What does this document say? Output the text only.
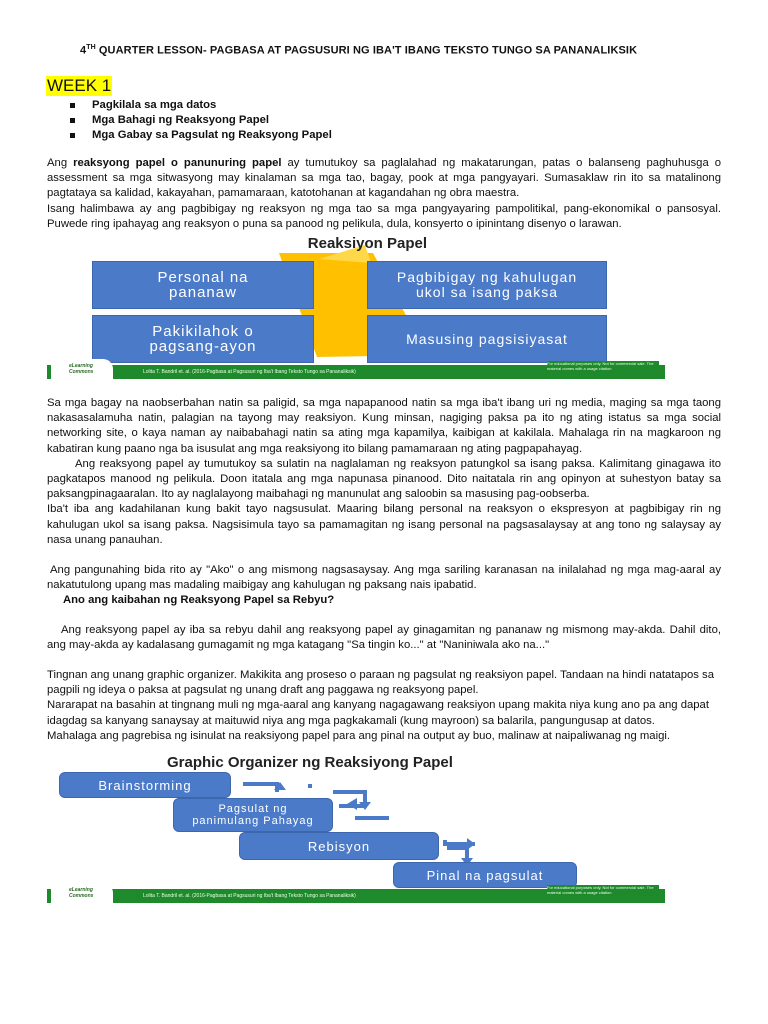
4TH QUARTER LESSON- PAGBASA AT PAGSUSURI NG IBA'T IBANG TEKSTO TUNGO SA PANANALIKSIK
WEEK 1
Pagkilala sa mga datos
Mga Bahagi ng Reaksyong Papel
Mga Gabay sa Pagsulat ng Reaksyong Papel

Ang reaksyong papel o panunuring papel ay tumutukoy sa paglalahad ng makatarungan, patas o balanseng paghuhusga o assessment sa mga sitwasyong may kinalaman sa mga tao, bagay, pook at mga pangyayari. Sumasaklaw rin ito sa matalinong pagtataya sa kalidad, kakayahan, pamamaraan, katotohanan at kagandahan ng obra maestra.

Isang halimbawa ay ang pagbibigay ng reaksyon ng mga tao sa mga pangyayaring pampolitikal, pang-ekonomikal o pansosyal. Puwede ring ipahayag ang reaksyon o puna sa panood ng pelikula, dula, konsyerto o ipinintang disenyo o larawan.

Reaksiyon Papel
Personal na pananaw
Pagbibigay ng kahulugan ukol sa isang paksa
Pakikilahok o pagsang-ayon	Masusing pagsisiyasat
eLearning Commons	Lolita T. Bandril et. al. (2016-Pagbasa at Pagsusuri ng Iba't Ibang Teksto Tungo sa Pananaliksik)
For educational purposes only. Not for commercial sale. The material comes with a usage citation

Sa mga bagay na naobserbahan natin sa paligid, sa mga napapanood natin sa mga iba't ibang uri ng media, maging sa mga taong nakasasalamuha natin, palagian na tayong may reaksiyon. Kung minsan, nagiging paksa pa ito ng ating istatus sa mga social networking site, o kaya naman ay naibabahagi natin sa ating mga kapamilya, kaibigan at kakilala. Mahalaga rin na magkaroon ng kabatiran kung paano nga ba isusulat ang mga reaksiyong ito bilang pamamaraan ng ating pagpapahayag.

Ang reaksyong papel ay tumutukoy sa sulatin na naglalaman ng reaksyon patungkol sa isang paksa. Kalimitang ginagawa ito pagkatapos manood ng pelikula. Doon itatala ang mga napunasa pinanood. Dito naitatala rin ang opinyon at suhestyon batay sa paksangpinagaaralan. Ito ay naglalayong maibahagi ng manunulat ang saloobin sa masusing pag-oobserba.

Iba't iba ang kadahilanan kung bakit tayo nagsusulat. Maaring bilang personal na reaksyon o ekspresyon at pagbibigay rin ng kahulugan ukol sa isang paksa. Nagsisimula tayo sa pamamagitan ng isang personal na pagsasalaysay at ang tono ng salaysay ay nasa unang panauhan.

Ang pangunahing bida rito ay "Ako" o ang mismong nagsasaysay. Ang mga sariling karanasan na inilalahad ng mga mag-aaral ay nakatutulong upang mas madaling maibigay ang kahulugan ng paksang nais ipabatid.

Ano ang kaibahan ng Reaksyong Papel sa Rebyu?

Ang reaksyong papel ay iba sa rebyu dahil ang reaksyong papel ay ginagamitan ng pananaw ng mismong may-akda. Dahil dito, ang may-akda ay kadalasang gumagamit ng mga katagang "Sa tingin ko..." at "Naniniwala ako na..."

Tingnan ang unang graphic organizer. Makikita ang proseso o paraan ng pagsulat ng reaksiyon papel. Tandaan na hindi natatapos sa pagpili ng ideya o paksa at pagsulat ng unang draft ang paggawa ng reaksyong papel.

Nararapat na basahin at tingnang muli ng mga-aaral ang kanyang nagagawang reaksiyon upang makita niya kung ano pa ang dapat idagdag sa kanyang sanaysay at maituwid niya ang mga pagkakamali (kung mayroon) sa balarila, pangungusap at datos.

Mahalaga ang pagrebisa ng isinulat na reaksiyong papel para ang pinal na output ay buo, malinaw at naipaliwanag ng maigi.

Graphic Organizer ng Reaksiyong Papel
Brainstorming
Pagsulat ng panimulang Pahayag
Rebisyon
Pinal na pagsulat
eLearning Commons	Lolita T. Bandril et. al. (2016-Pagbasa at Pagsusuri ng Iba't Ibang Teksto Tungo sa Pananaliksik)
For educational purposes only. Not for commercial sale. The material comes with a usage citation
